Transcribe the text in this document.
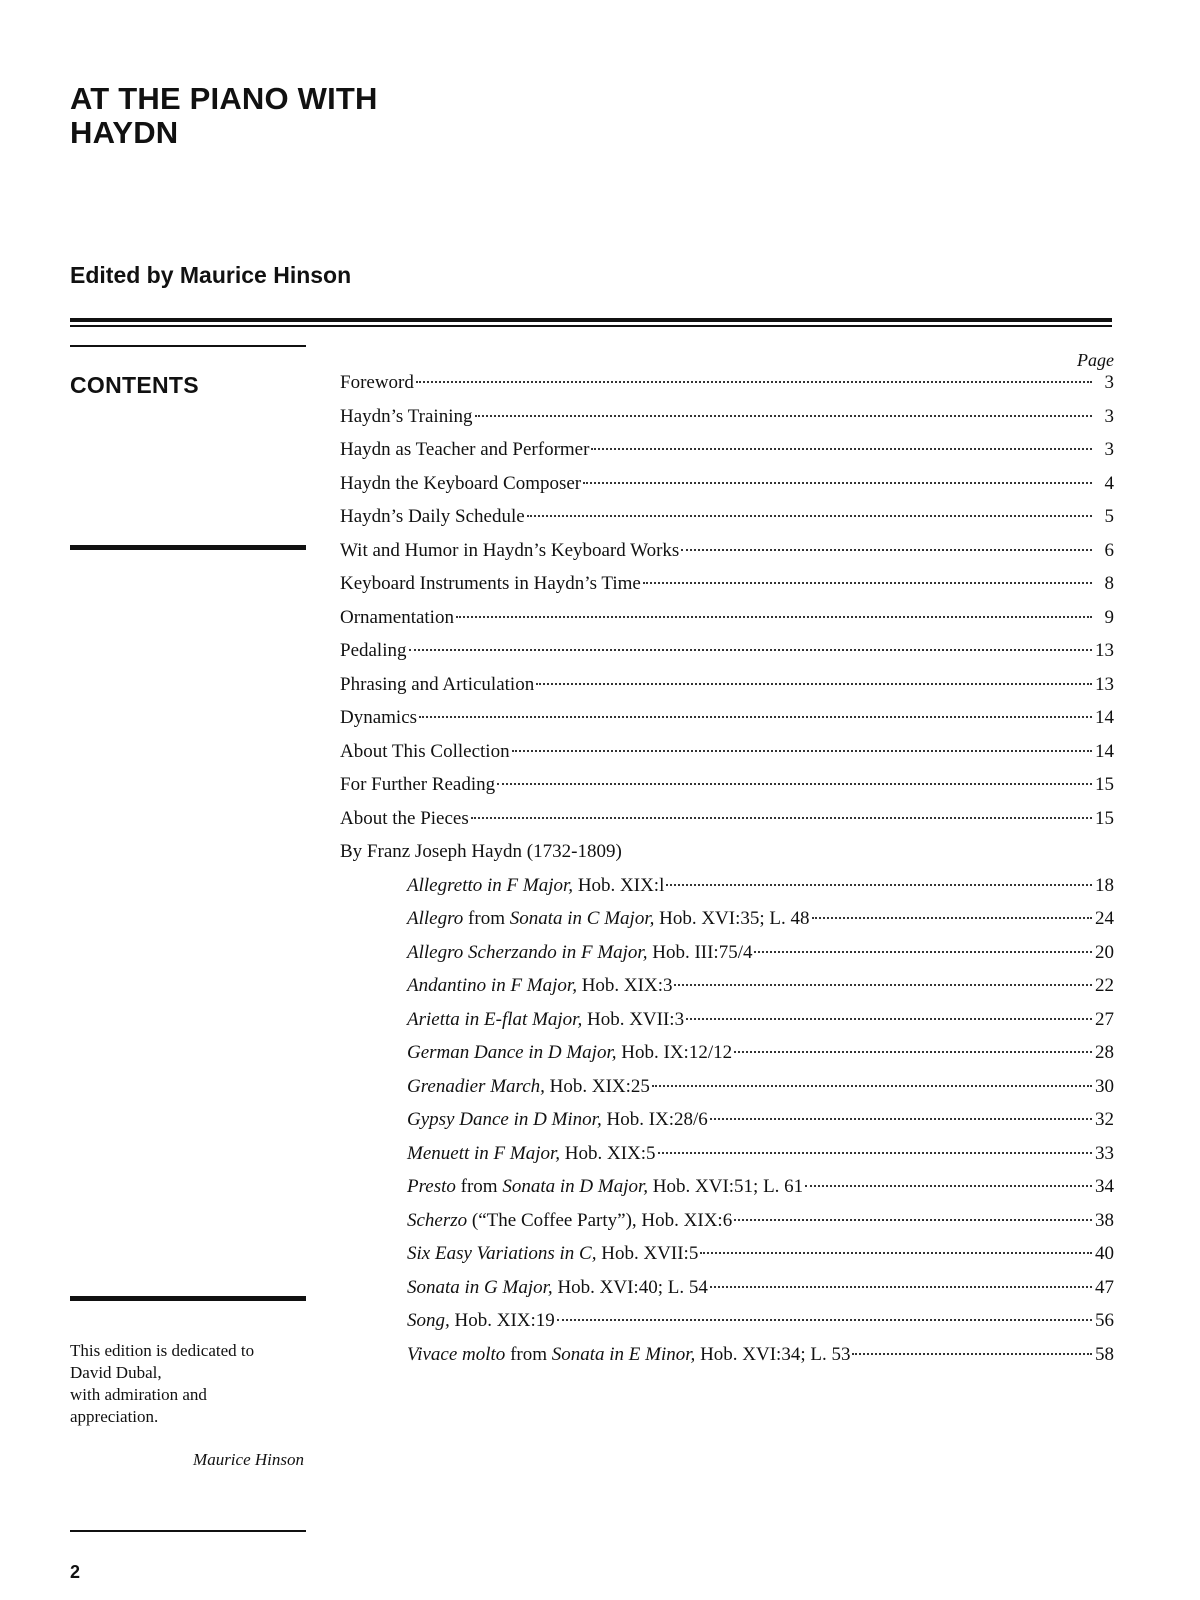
AT THE PIANO WITH
HAYDN
Edited by Maurice Hinson
CONTENTS
Page
Foreword	3
Haydn’s Training	3
Haydn as Teacher and Performer	3
Haydn the Keyboard Composer	4
Haydn’s Daily Schedule	5
Wit and Humor in Haydn’s Keyboard Works	6
Keyboard Instruments in Haydn’s Time	8
Ornamentation	9
Pedaling	13
Phrasing and Articulation	13
Dynamics	14
About This Collection	14
For Further Reading	15
About the Pieces	15
By Franz Joseph Haydn (1732-1809)
Allegretto in F Major, Hob. XIX:l	18
Allegro from Sonata in C Major, Hob. XVI:35; L. 48	24
Allegro Scherzando in F Major, Hob. III:75/4	20
Andantino in F Major, Hob. XIX:3	22
Arietta in E-flat Major, Hob. XVII:3	27
German Dance in D Major, Hob. IX:12/12	28
Grenadier March, Hob. XIX:25	30
Gypsy Dance in D Minor, Hob. IX:28/6	32
Menuett in F Major, Hob. XIX:5	33
Presto from Sonata in D Major, Hob. XVI:51; L. 61	34
Scherzo (“The Coffee Party”), Hob. XIX:6	38
Six Easy Variations in C, Hob. XVII:5	40
Sonata in G Major, Hob. XVI:40; L. 54	47
Song, Hob. XIX:19	56
Vivace molto from Sonata in E Minor, Hob. XVI:34; L. 53	58

This edition is dedicated to

David Dubal,

with admiration and

appreciation.

Maurice Hinson
2
